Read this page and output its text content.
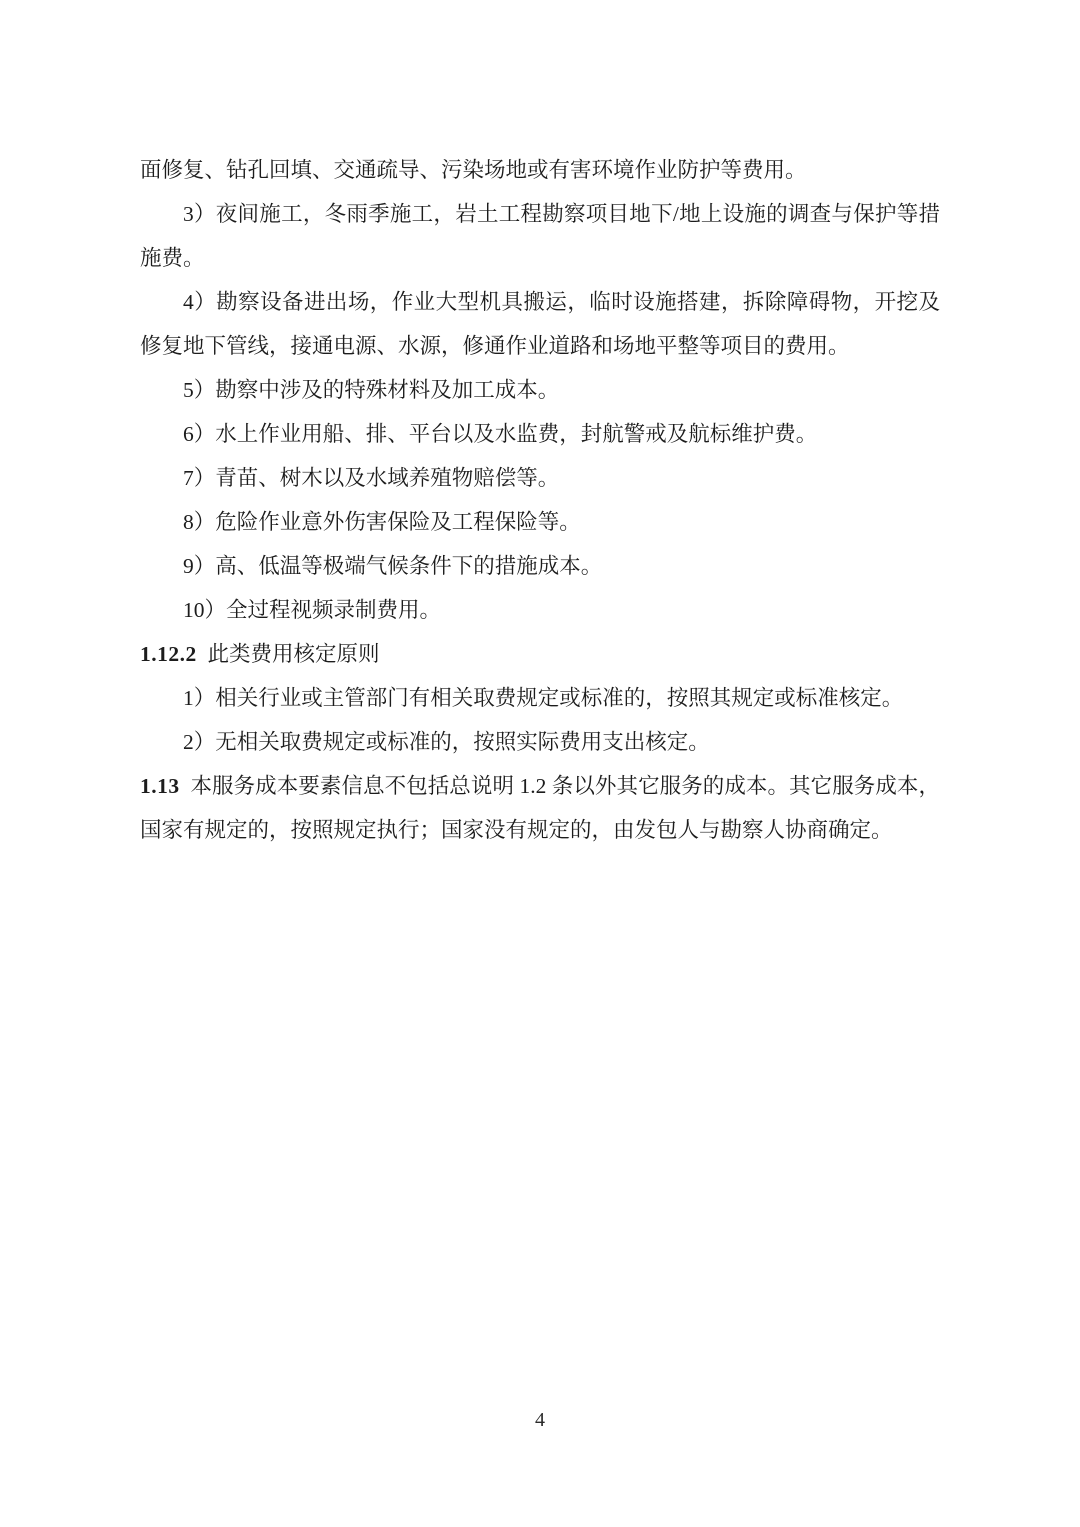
面修复、钻孔回填、交通疏导、污染场地或有害环境作业防护等费用。

3）夜间施工，冬雨季施工，岩土工程勘察项目地下/地上设施的调查与保护等措施费。

4）勘察设备进出场，作业大型机具搬运，临时设施搭建，拆除障碍物，开挖及修复地下管线，接通电源、水源，修通作业道路和场地平整等项目的费用。

5）勘察中涉及的特殊材料及加工成本。

6）水上作业用船、排、平台以及水监费，封航警戒及航标维护费。

7）青苗、树木以及水域养殖物赔偿等。

8）危险作业意外伤害保险及工程保险等。

9）高、低温等极端气候条件下的措施成本。

10）全过程视频录制费用。

1.12.2 此类费用核定原则

1）相关行业或主管部门有相关取费规定或标准的，按照其规定或标准核定。

2）无相关取费规定或标准的，按照实际费用支出核定。

1.13 本服务成本要素信息不包括总说明 1.2 条以外其它服务的成本。其它服务成本，国家有规定的，按照规定执行；国家没有规定的，由发包人与勘察人协商确定。

4
